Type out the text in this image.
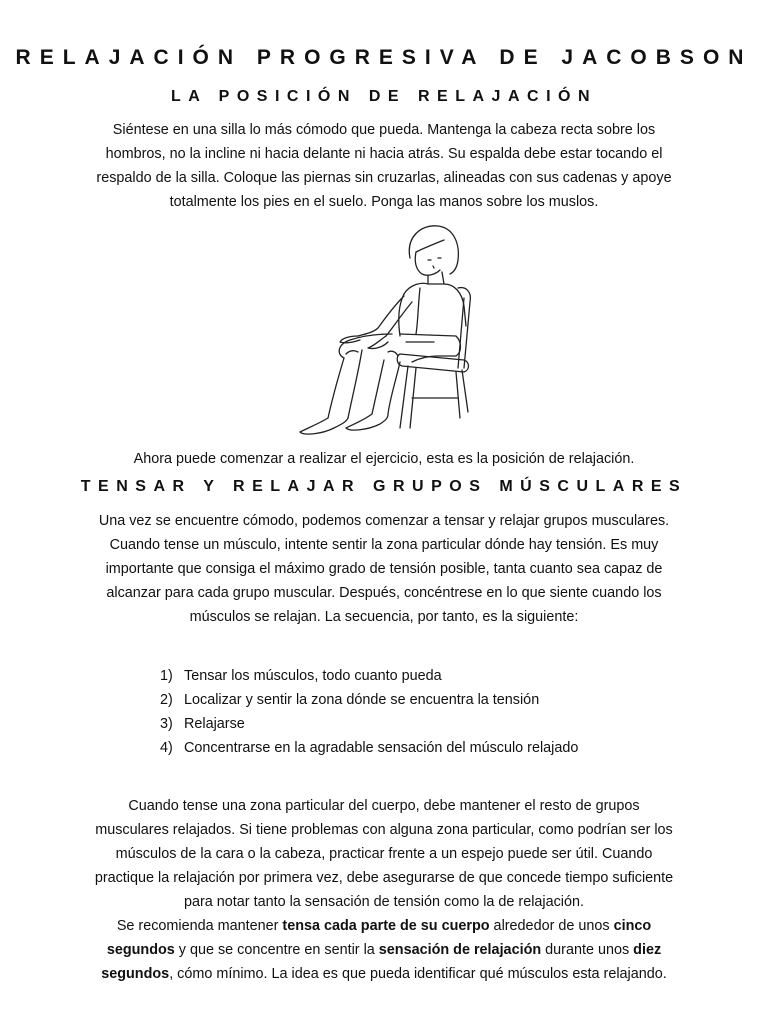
RELAJACIÓN PROGRESIVA DE JACOBSON
LA POSICIÓN DE RELAJACIÓN
Siéntese en una silla lo más cómodo que pueda. Mantenga la cabeza recta sobre los
hombros, no la incline ni hacia delante ni hacia atrás. Su espalda debe estar tocando el
respaldo de la silla. Coloque las piernas sin cruzarlas, alineadas con sus cadenas y apoye
totalmente los pies en el suelo. Ponga las manos sobre los muslos.
Ahora puede comenzar a realizar el ejercicio, esta es la posición de relajación.
TENSAR Y RELAJAR GRUPOS MÚSCULARES
Una vez se encuentre cómodo, podemos comenzar a tensar y relajar grupos musculares.
Cuando tense un músculo, intente sentir la zona particular dónde hay tensión. Es muy
importante que consiga el máximo grado de tensión posible, tanta cuanto sea capaz de
alcanzar para cada grupo muscular. Después, concéntrese en lo que siente cuando los
músculos se relajan. La secuencia, por tanto, es la siguiente:
1) Tensar los músculos, todo cuanto pueda
2) Localizar y sentir la zona dónde se encuentra la tensión
3) Relajarse
4) Concentrarse en la agradable sensación del músculo relajado
Cuando tense una zona particular del cuerpo, debe mantener el resto de grupos
musculares relajados. Si tiene problemas con alguna zona particular, como podrían ser los
músculos de la cara o la cabeza, practicar frente a un espejo puede ser útil. Cuando
practique la relajación por primera vez, debe asegurarse de que concede tiempo suficiente
para notar tanto la sensación de tensión como la de relajación.
Se recomienda mantener tensa cada parte de su cuerpo alrededor de unos cinco
segundos y que se concentre en sentir la sensación de relajación durante unos diez
segundos, cómo mínimo. La idea es que pueda identificar qué músculos esta relajando.
